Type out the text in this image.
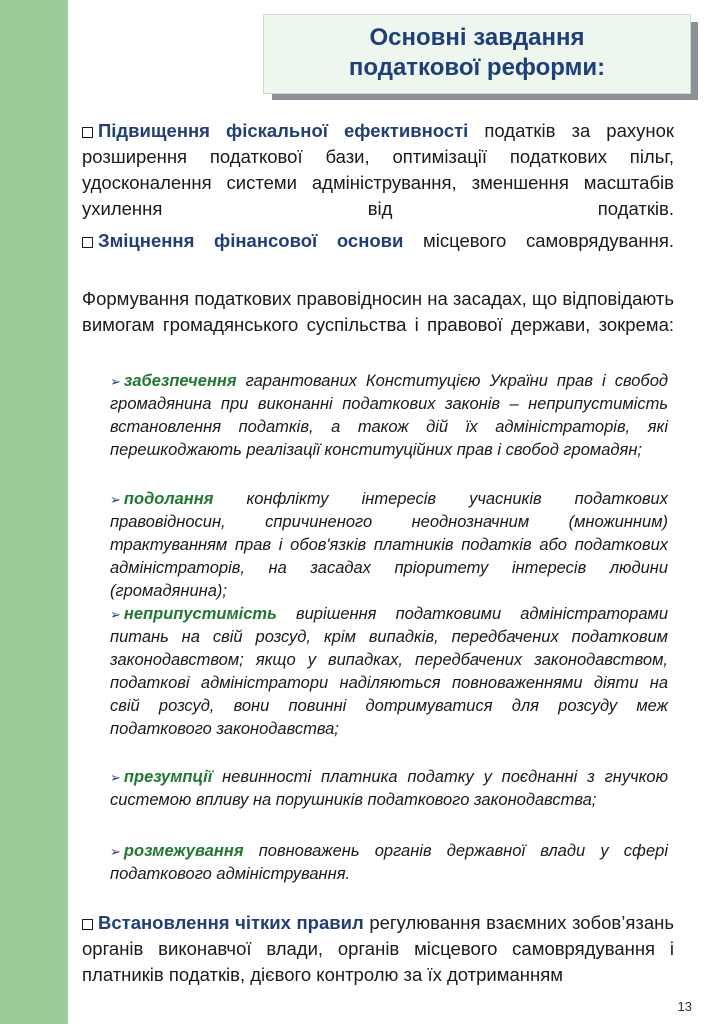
Основні завдання
податкової реформи:
Підвищення фіскальної ефективності податків за рахунок розширення податкової бази, оптимізації податкових пільг, удосконалення системи адміністрування, зменшення масштабів ухилення від податків.
Зміцнення фінансової основи місцевого самоврядування.
Формування податкових правовідносин на засадах, що відповідають вимогам громадянського суспільства і правової держави, зокрема:
➢ забезпечення гарантованих Конституцією України прав і свобод громадянина при виконанні податкових законів – неприпустимість встановлення податків, а також дій їх адміністраторів, які перешкоджають реалізації конституційних прав і свобод громадян;
➢ подолання конфлікту інтересів учасників податкових правовідносин, спричиненого неоднозначним (множинним) трактуванням прав і обов'язків платників податків або податкових адміністраторів, на засадах пріоритету інтересів людини (громадянина);
➢ неприпустимість вирішення податковими адміністраторами питань на свій розсуд, крім випадків, передбачених податковим законодавством; якщо у випадках, передбачених законодавством, податкові адміністратори наділяються повноваженнями діяти на свій розсуд, вони повинні дотримуватися для розсуду меж податкового законодавства;
➢ презумпції невинності платника податку у поєднанні з гнучкою системою впливу на порушників податкового законодавства;
➢ розмежування повноважень органів державної влади у сфері податкового адміністрування.
Встановлення чітких правил регулювання взаємних зобов’язань органів виконавчої влади, органів місцевого самоврядування і платників податків, дієвого контролю за їх дотриманням
13
